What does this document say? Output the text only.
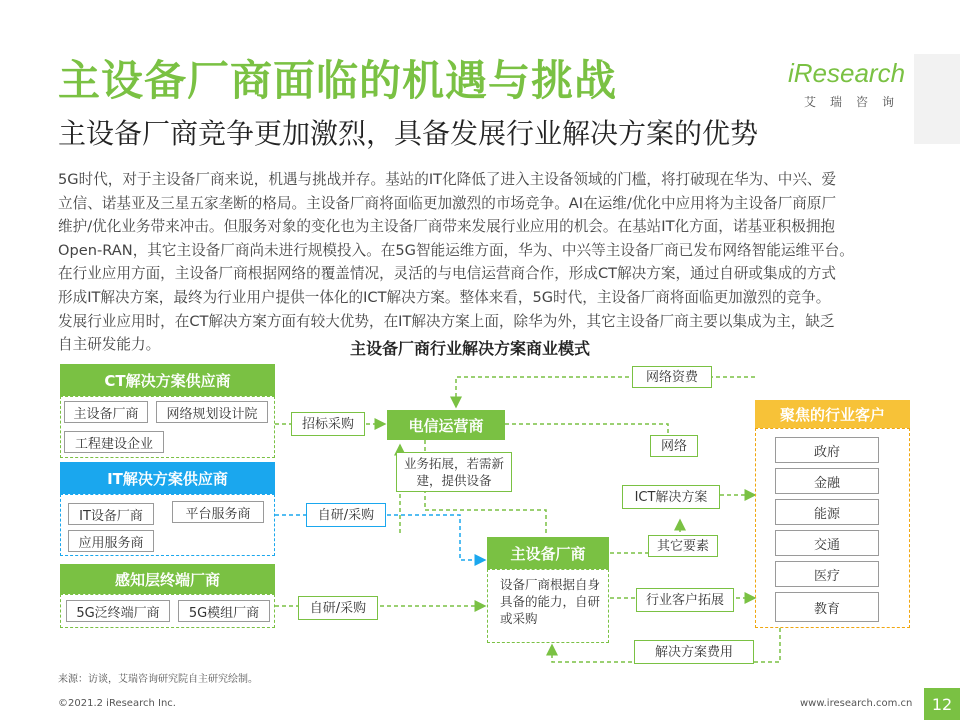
主设备厂商面临的机遇与挑战
主设备厂商竞争更加激烈，具备发展行业解决方案的优势
iResearch
艾瑞咨询
5G时代，对于主设备厂商来说，机遇与挑战并存。基站的IT化降低了进入主设备领域的门槛，将打破现在华为、中兴、爱
立信、诺基亚及三星五家垄断的格局。主设备厂商将面临更加激烈的市场竞争。AI在运维/优化中应用将为主设备厂商原厂
维护/优化业务带来冲击。但服务对象的变化也为主设备厂商带来发展行业应用的机会。在基站IT化方面，诺基亚积极拥抱
Open-RAN，其它主设备厂商尚未进行规模投入。在5G智能运维方面，华为、中兴等主设备厂商已发布网络智能运维平台。
在行业应用方面，主设备厂商根据网络的覆盖情况，灵活的与电信运营商合作，形成CT解决方案，通过自研或集成的方式
形成IT解决方案，最终为行业用户提供一体化的ICT解决方案。整体来看，5G时代，主设备厂商将面临更加激烈的竞争。
发展行业应用时，在CT解决方案方面有较大优势，在IT解决方案上面，除华为外，其它主设备厂商主要以集成为主，缺乏
自主研发能力。	主设备厂商行业解决方案商业模式
CT解决方案供应商
主设备厂商	网络规划设计院
工程建设企业
IT解决方案供应商
IT设备厂商	平台服务商
应用服务商
感知层终端厂商
5G泛终端厂商	5G模组厂商
电信运营商
业务拓展，若需新建，提供设备
主设备厂商
设备厂商根据自身具备的能力，自研或采购
聚焦的行业客户
政府
金融
能源
交通
医疗
教育
招标采购
自研/采购
自研/采购
网络资费
网络
ICT解决方案
其它要素
行业客户拓展
解决方案费用
来源：访谈，艾瑞咨询研究院自主研究绘制。
©2021.2 iResearch Inc.	www.iresearch.com.cn	12
